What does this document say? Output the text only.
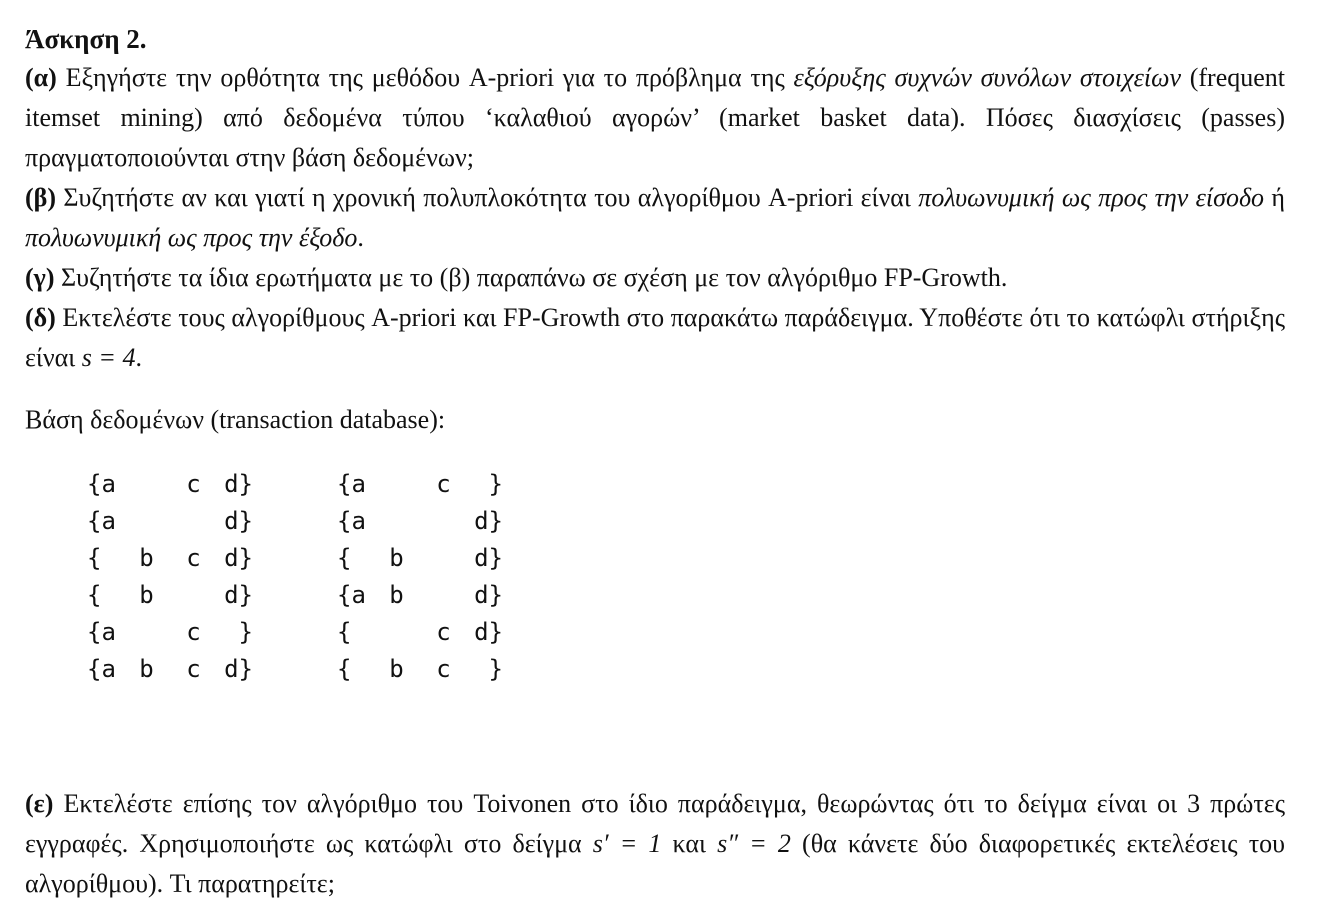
Άσκηση 2.

(α) Εξηγήστε την ορθότητα της μεθόδου A-priori για το πρόβλημα της εξόρυξης συχνών συνόλων στοιχείων (frequent itemset mining) από δεδομένα τύπου ‘καλαθιού αγορών’ (market basket data). Πόσες διασχίσεις (passes) πραγματοποιούνται στην βάση δεδομένων;

(β) Συζητήστε αν και γιατί η χρονική πολυπλοκότητα του αλγορίθμου A-priori είναι πολυωνυμική ως προς την είσοδο ή πολυωνυμική ως προς την έξοδο.

(γ) Συζητήστε τα ίδια ερωτήματα με το (β) παραπάνω σε σχέση με τον αλγόριθμο FP-Growth.

(δ) Εκτελέστε τους αλγορίθμους A-priori και FP-Growth στο παρακάτω παράδειγμα. Υποθέστε ότι το κατώφλι στήριξης είναι s = 4.

Βάση δεδομένων (transaction database):
{a	c d}	{a	c }
{a	d}	{a	d}
{ b c d}	{ b	d}
{ b	d}	{a b	d}
{a	c }	{	c d}
{a b c d}	{ b c }

(ε) Εκτελέστε επίσης τον αλγόριθμο του Toivonen στο ίδιο παράδειγμα, θεωρώντας ότι το δείγμα είναι οι 3 πρώτες εγγραφές. Χρησιμοποιήστε ως κατώφλι στο δείγμα s′ = 1 και s″ = 2 (θα κάνετε δύο διαφορετικές εκτελέσεις του αλγορίθμου). Τι παρατηρείτε;
